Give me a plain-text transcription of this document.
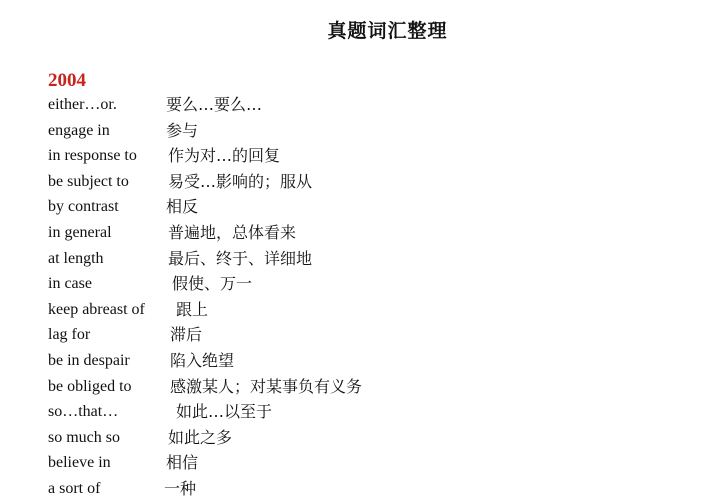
真题词汇整理
2004
either…or.	要么…要么…
engage in	参与
in response to 作为对…的回复
be subject to 易受…影响的；服从
by contrast	相反
in general	普遍地，总体看来
at length	最后、终于、详细地
in case	假使、万一
keep abreast of 跟上
lag for	滞后
be in despair	陷入绝望
be obliged to 感激某人；对某事负有义务
so…that…	如此…以至于
so much so	如此之多
believe in	相信
a sort of	一种
